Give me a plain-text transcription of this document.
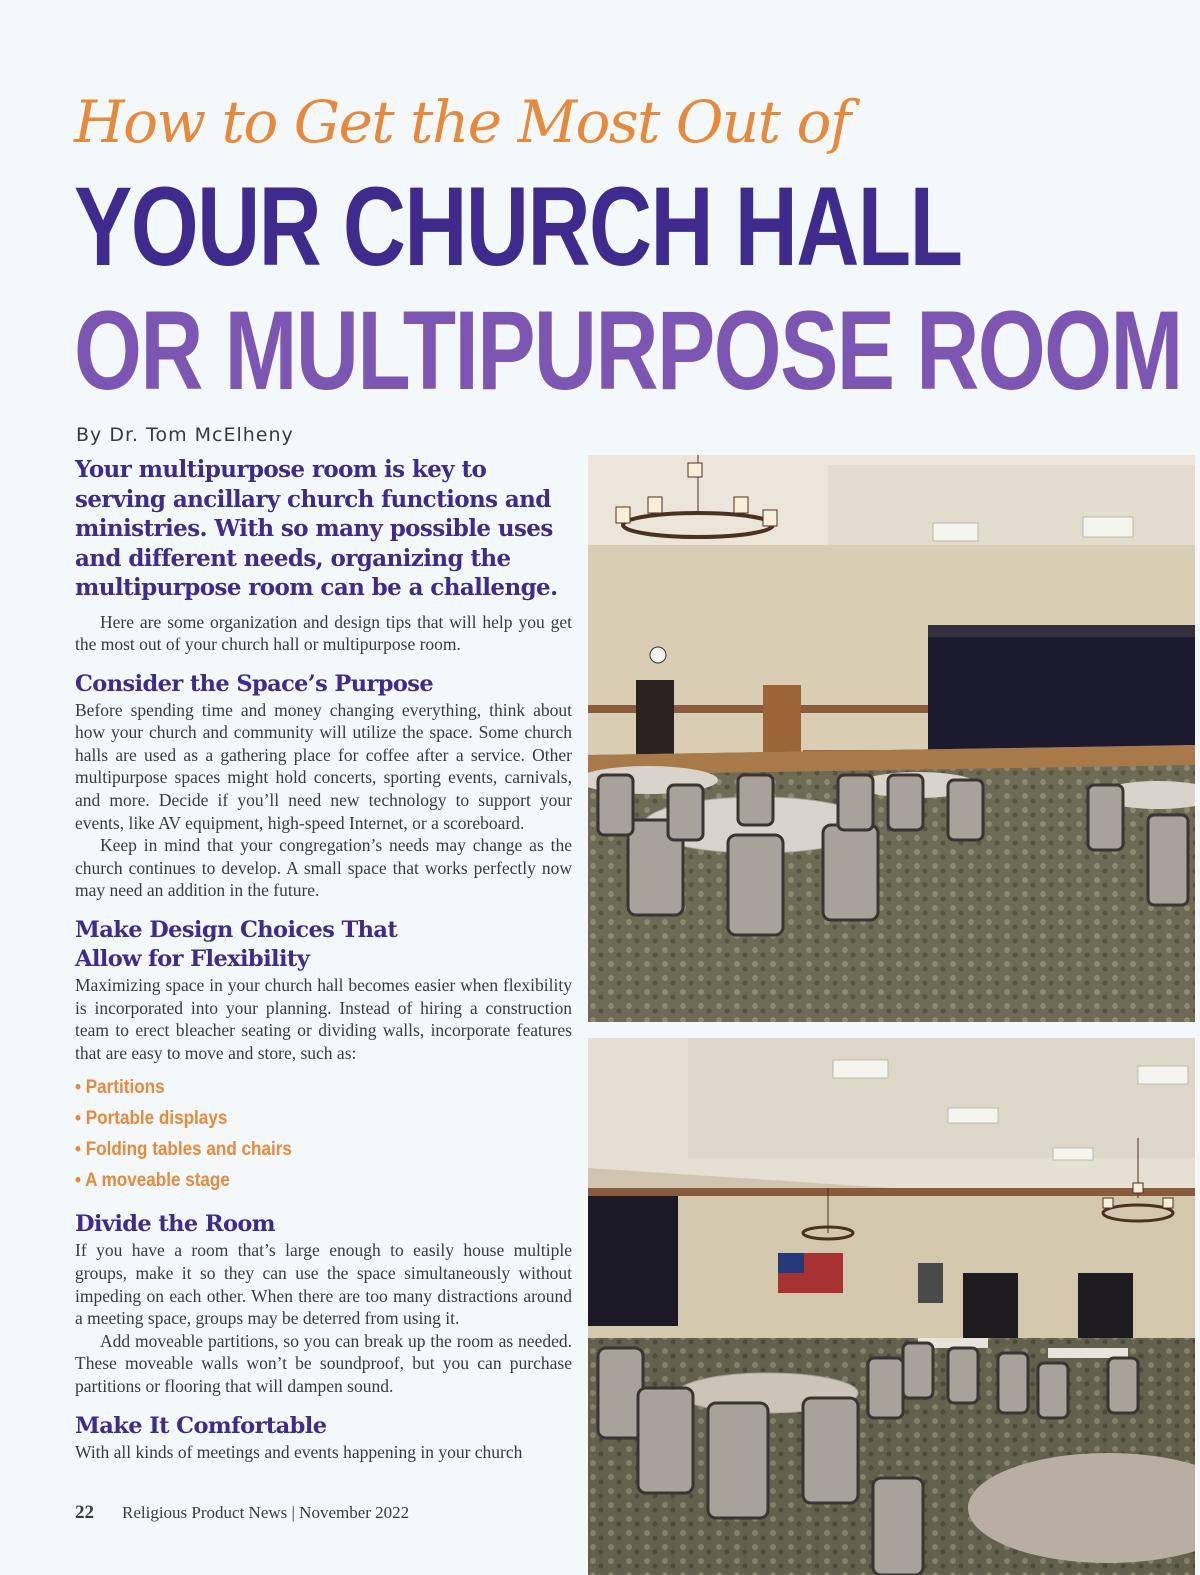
How to Get the Most Out of
YOUR CHURCH HALL
OR MULTIPURPOSE ROOM
By Dr. Tom McElheny

Your multipurpose room is key to serving ancillary church functions and ministries. With so many possible uses and different needs, organizing the multipurpose room can be a challenge.

Here are some organization and design tips that will help you get the most out of your church hall or multipurpose room.

Consider the Space’s Purpose

Before spending time and money changing everything, think about how your church and community will utilize the space. Some church halls are used as a gathering place for coffee after a service. Other multipurpose spaces might hold concerts, sporting events, carnivals, and more. Decide if you’ll need new technology to support your events, like AV equipment, high-speed Internet, or a scoreboard.

Keep in mind that your congregation’s needs may change as the church continues to develop. A small space that works perfectly now may need an addition in the future.

Make Design Choices That
Allow for Flexibility

Maximizing space in your church hall becomes easier when flexibility is incorporated into your planning. Instead of hiring a construction team to erect bleacher seating or dividing walls, incorporate features that are easy to move and store, such as:

• Partitions
• Portable displays
• Folding tables and chairs
• A moveable stage
Divide the Room

If you have a room that’s large enough to easily house multiple groups, make it so they can use the space simultaneously without impeding on each other. When there are too many distractions around a meeting space, groups may be deterred from using it.

Add moveable partitions, so you can break up the room as needed. These moveable walls won’t be soundproof, but you can purchase partitions or flooring that will dampen sound.

Make It Comfortable

With all kinds of meetings and events happening in your church

22 Religious Product News | November 2022
